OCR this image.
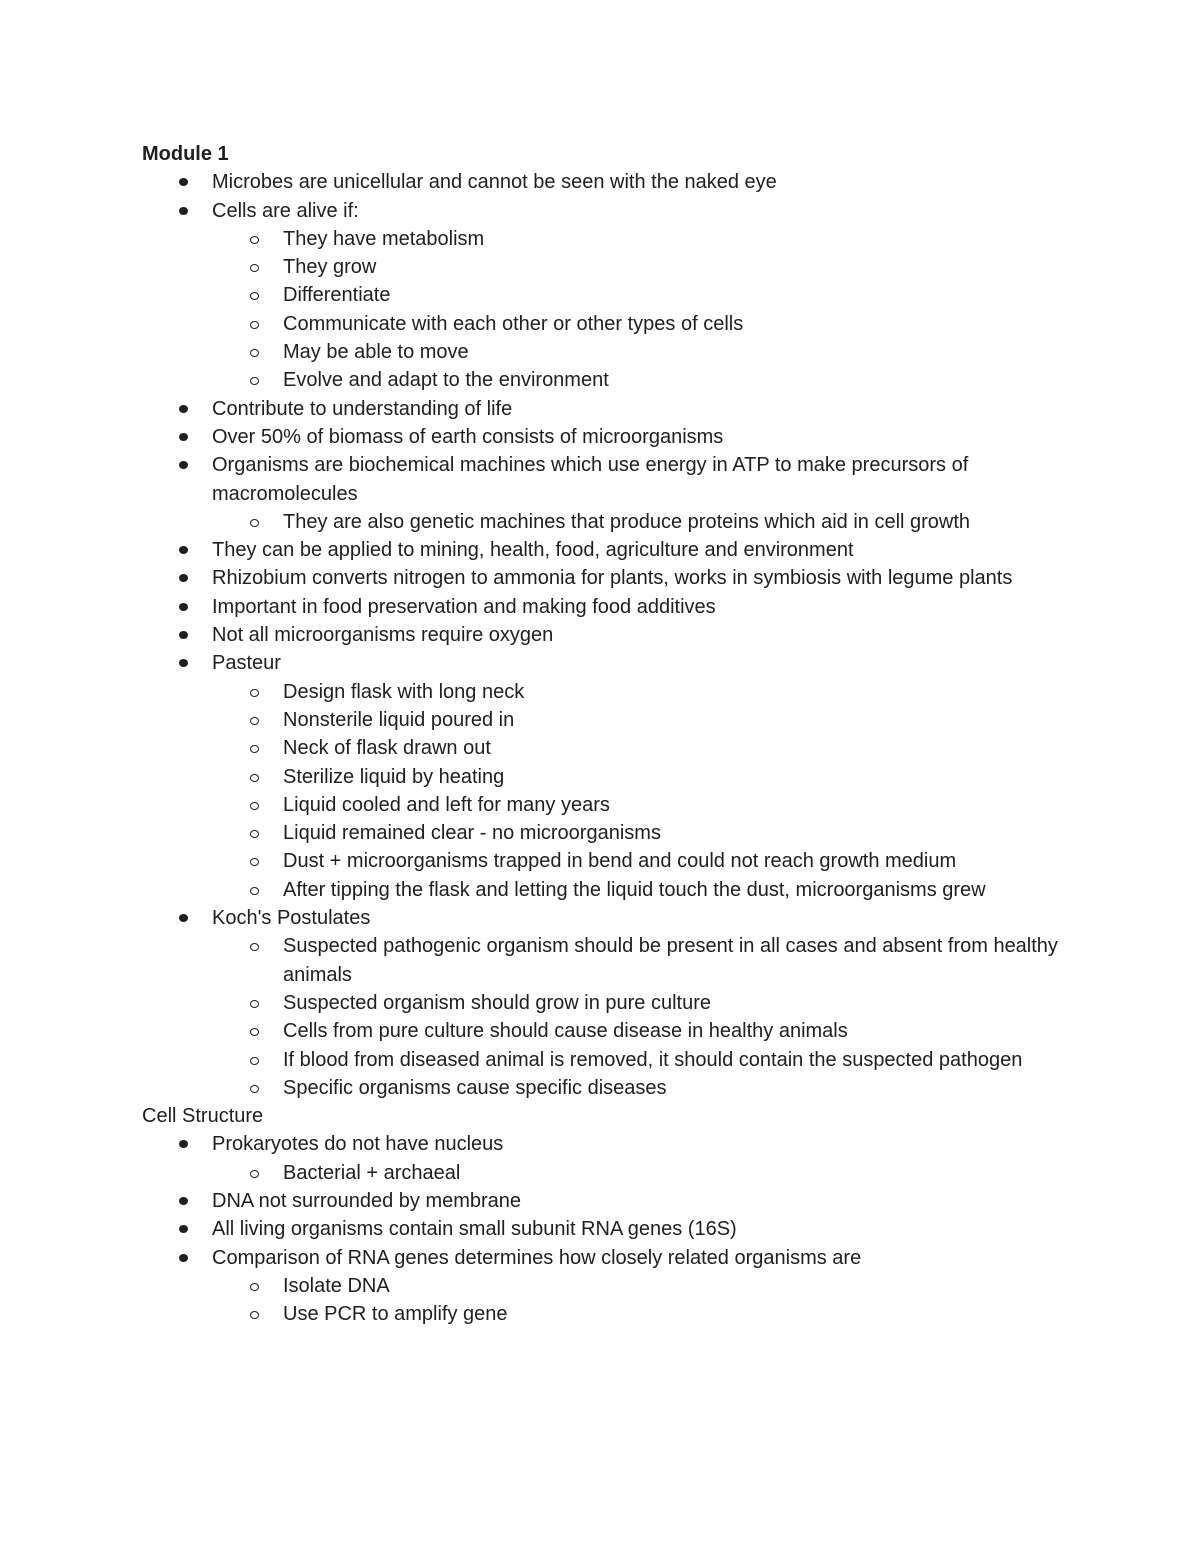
Module 1

Microbes are unicellular and cannot be seen with the naked eye
Cells are alive if:
They have metabolism
They grow
Differentiate
Communicate with each other or other types of cells
May be able to move
Evolve and adapt to the environment
Contribute to understanding of life
Over 50% of biomass of earth consists of microorganisms
Organisms are biochemical machines which use energy in ATP to make precursors of macromolecules
They are also genetic machines that produce proteins which aid in cell growth
They can be applied to mining, health, food, agriculture and environment
Rhizobium converts nitrogen to ammonia for plants, works in symbiosis with legume plants
Important in food preservation and making food additives
Not all microorganisms require oxygen
Pasteur
Design flask with long neck
Nonsterile liquid poured in
Neck of flask drawn out
Sterilize liquid by heating
Liquid cooled and left for many years
Liquid remained clear - no microorganisms
Dust + microorganisms trapped in bend and could not reach growth medium
After tipping the flask and letting the liquid touch the dust, microorganisms grew
Koch's Postulates
Suspected pathogenic organism should be present in all cases and absent from healthy animals
Suspected organism should grow in pure culture
Cells from pure culture should cause disease in healthy animals
If blood from diseased animal is removed, it should contain the suspected pathogen
Specific organisms cause specific diseases

Cell Structure

Prokaryotes do not have nucleus
Bacterial + archaeal
DNA not surrounded by membrane
All living organisms contain small subunit RNA genes (16S)
Comparison of RNA genes determines how closely related organisms are
Isolate DNA
Use PCR to amplify gene
